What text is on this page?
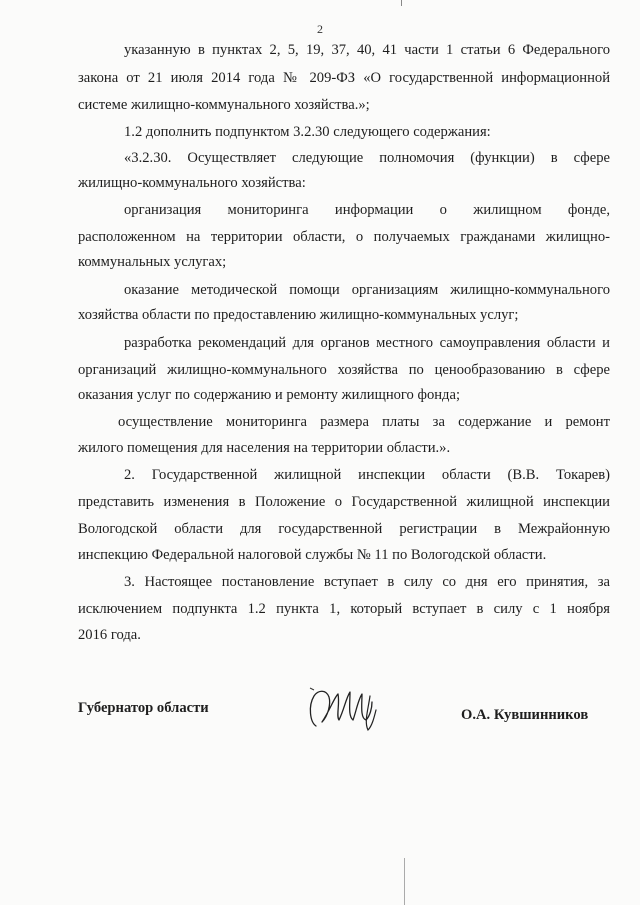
2
указанную в пунктах 2, 5, 19, 37, 40, 41 части 1 статьи 6 Федерального
закона от 21 июля 2014 года № 209-ФЗ «О государственной информационной
системе жилищно-коммунального хозяйства.»;
1.2 дополнить подпунктом 3.2.30 следующего содержания:
«3.2.30. Осуществляет следующие полномочия (функции) в сфере
жилищно-коммунального хозяйства:
организация мониторинга информации о жилищном фонде,
расположенном на территории области, о получаемых гражданами жилищно-
коммунальных услугах;
оказание методической помощи организациям жилищно-коммунального
хозяйства области по предоставлению жилищно-коммунальных услуг;
разработка рекомендаций для органов местного самоуправления области и
организаций жилищно-коммунального хозяйства по ценообразованию в сфере
оказания услуг по содержанию и ремонту жилищного фонда;
осуществление мониторинга размера платы за содержание и ремонт
жилого помещения для населения на территории области.».
2. Государственной жилищной инспекции области (В.В. Токарев)
представить изменения в Положение о Государственной жилищной инспекции
Вологодской области для государственной регистрации в Межрайонную
инспекцию Федеральной налоговой службы № 11 по Вологодской области.
3. Настоящее постановление вступает в силу со дня его принятия, за
исключением подпункта 1.2 пункта 1, который вступает в силу с 1 ноября
2016 года.
Губернатор области	О.А. Кувшинников
